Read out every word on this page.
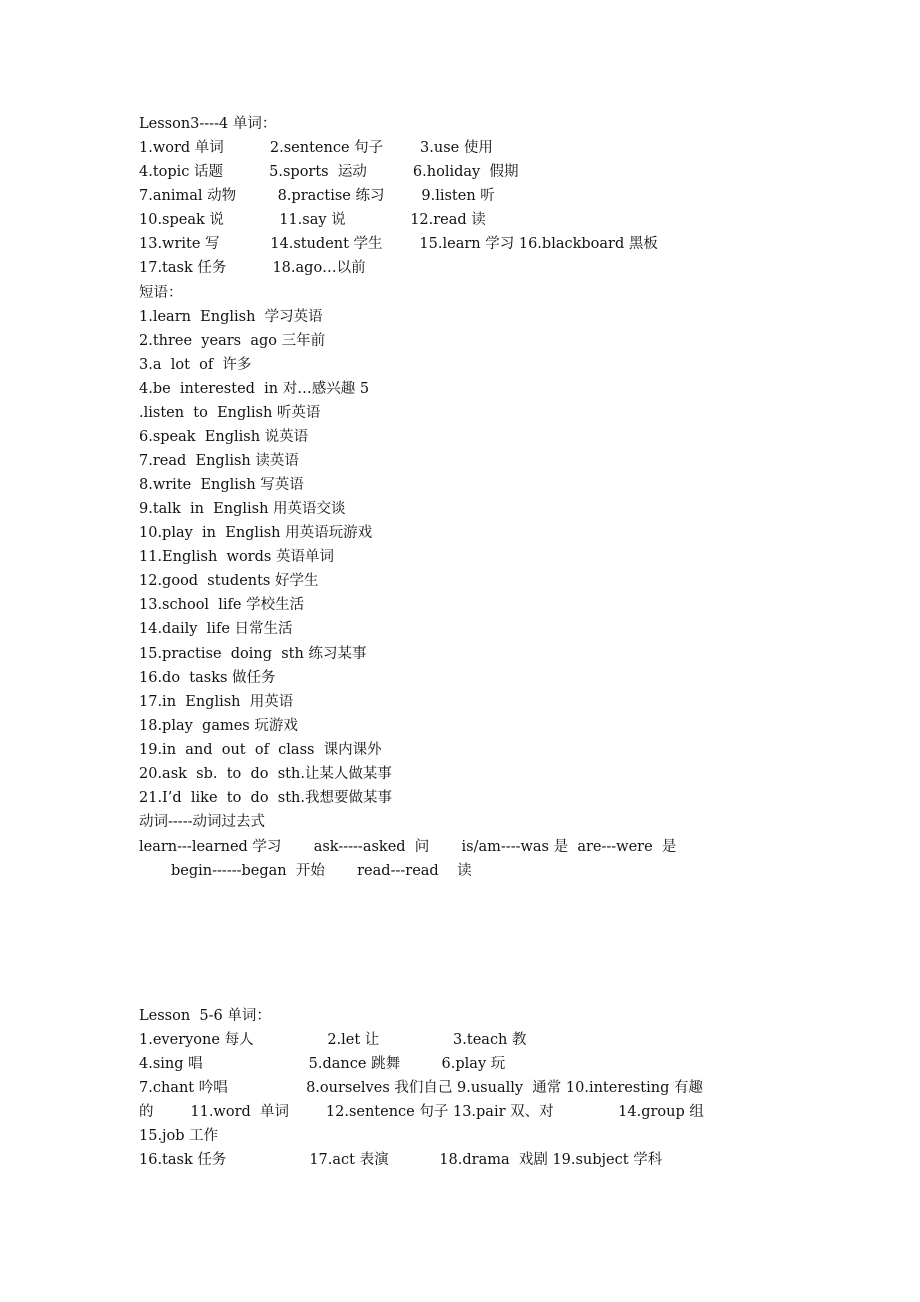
Lesson3----4 单词：
1.word 单词          2.sentence 句子        3.use 使用
4.topic 话题          5.sports  运动          6.holiday  假期
7.animal 动物         8.practise 练习        9.listen 听
10.speak 说            11.say 说              12.read 读
13.write 写           14.student 学生        15.learn 学习 16.blackboard 黑板
17.task 任务          18.ago…以前
短语：
1.learn  English  学习英语
2.three  years  ago 三年前
3.a  lot  of  许多
4.be  interested  in 对…感兴趣 5
.listen  to  English 听英语
6.speak  English 说英语
7.read  English 读英语
8.write  English 写英语
9.talk  in  English 用英语交谈
10.play  in  English 用英语玩游戏
11.English  words 英语单词
12.good  students 好学生
13.school  life 学校生活
14.daily  life 日常生活
15.practise  doing  sth 练习某事
16.do  tasks 做任务
17.in  English  用英语
18.play  games 玩游戏
19.in  and  out  of  class  课内课外
20.ask  sb.  to  do  sth.让某人做某事
21.I’d  like  to  do  sth.我想要做某事
动词-----动词过去式
learn---learned 学习       ask-----asked  问       is/am----was 是  are---were  是
begin------began  开始       read---read    读
Lesson  5-6 单词：
1.everyone 每人                2.let 让                3.teach 教
4.sing 唱                       5.dance 跳舞         6.play 玩
7.chant 吟唱                 8.ourselves 我们自己 9.usually  通常 10.interesting 有趣
的        11.word  单词        12.sentence 句子 13.pair 双、对              14.group 组
15.job 工作
16.task 任务                  17.act 表演           18.drama  戏剧 19.subject 学科
